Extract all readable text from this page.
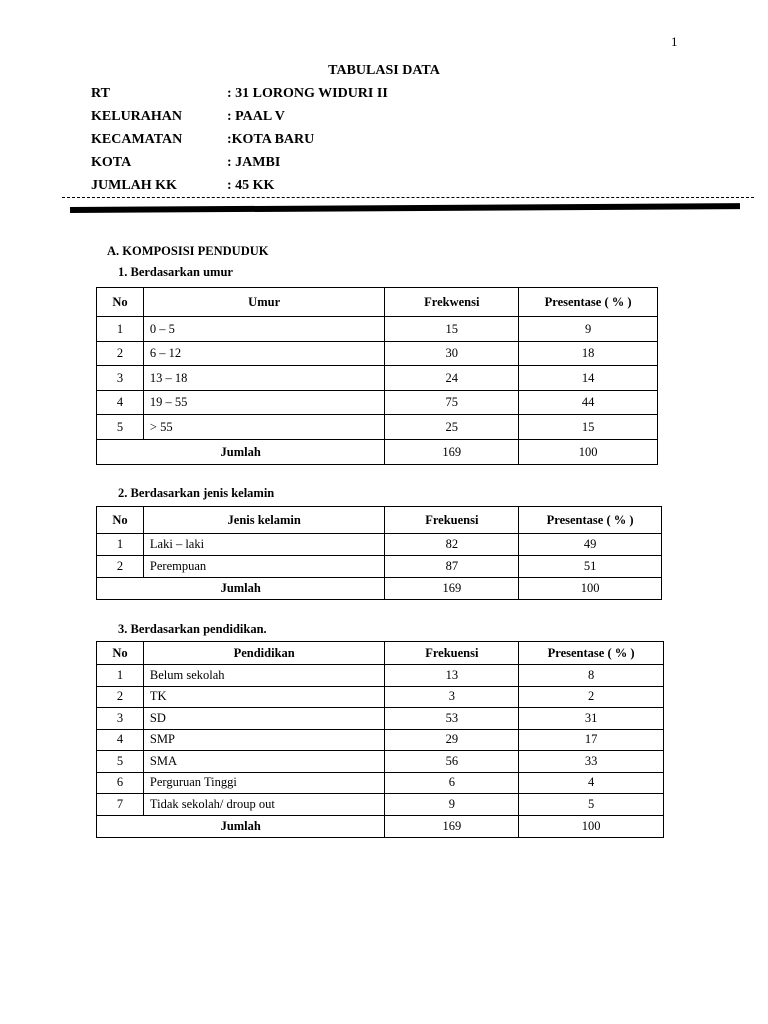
1
TABULASI DATA
RT	: 31 LORONG WIDURI II
KELURAHAN	: PAAL V
KECAMATAN	:KOTA BARU
KOTA	: JAMBI
JUMLAH KK	: 45 KK
A. KOMPOSISI PENDUDUK
1. Berdasarkan umur
No	Umur	Frekwensi	Presentase ( % )
1	0 – 5	15	9
2	6 – 12	30	18
3	13 – 18	24	14
4	19 – 55	75	44
5	> 55	25	15
Jumlah		169	100
2. Berdasarkan jenis kelamin
No	Jenis kelamin	Frekuensi	Presentase ( % )
1	Laki – laki	82	49
2	Perempuan	87	51
Jumlah		169	100
3. Berdasarkan pendidikan.
No	Pendidikan	Frekuensi	Presentase ( % )
1	Belum sekolah	13	8
2	TK	3	2
3	SD	53	31
4	SMP	29	17
5	SMA	56	33
6	Perguruan Tinggi	6	4
7	Tidak sekolah/ droup out	9	5
Jumlah		169	100
